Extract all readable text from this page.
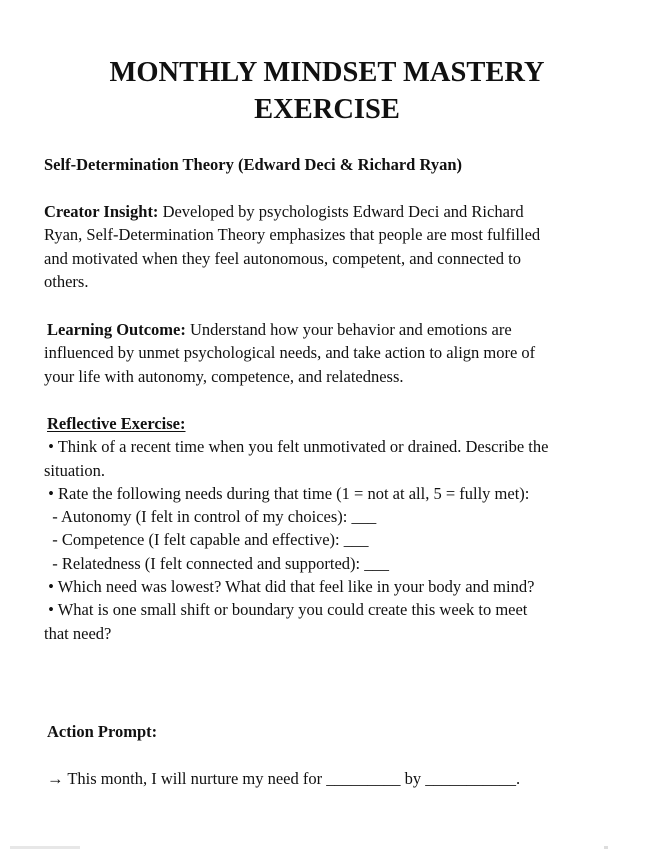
MONTHLY MINDSET MASTERY
EXERCISE
Self-Determination Theory (Edward Deci & Richard Ryan)
Creator Insight: Developed by psychologists Edward Deci and Richard
Ryan, Self-Determination Theory emphasizes that people are most fulfilled
and motivated when they feel autonomous, competent, and connected to
others.
Learning Outcome: Understand how your behavior and emotions are
influenced by unmet psychological needs, and take action to align more of
your life with autonomy, competence, and relatedness.
Reflective Exercise:
• Think of a recent time when you felt unmotivated or drained. Describe the
situation.
• Rate the following needs during that time (1 = not at all, 5 = fully met):
- Autonomy (I felt in control of my choices): ___
- Competence (I felt capable and effective): ___
- Relatedness (I felt connected and supported): ___
• Which need was lowest? What did that feel like in your body and mind?
• What is one small shift or boundary you could create this week to meet
that need?
Action Prompt:

→ This month, I will nurture my need for _________ by ___________.
